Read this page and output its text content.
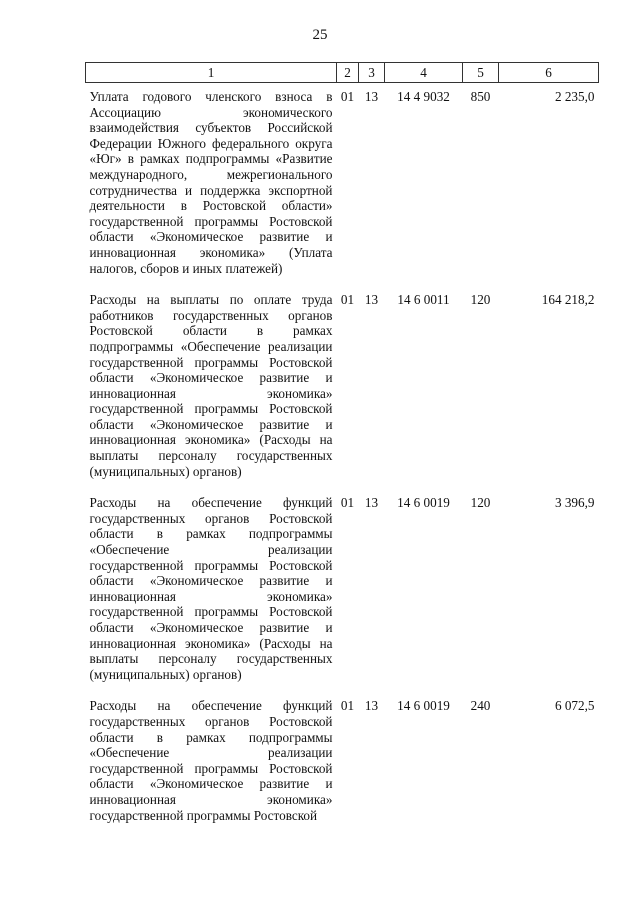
25
1	2	3	4	5	6
Уплата годового членского взноса в Ассоциацию экономического взаимодействия субъектов Российской Федерации Южного федерального округа «Юг» в рамках подпрограммы «Развитие международного, межрегионального сотрудничества и поддержка экспортной деятельности в Ростовской области» государственной программы Ростовской области «Экономическое развитие и инновационная экономика» (Уплата налогов, сборов и иных платежей)	01	13	14 4 9032	850	2 235,0
Расходы на выплаты по оплате труда работников государственных органов Ростовской области в рамках подпрограммы «Обеспечение реализации государственной программы Ростовской области «Экономическое развитие и инновационная экономика» государственной программы Ростовской области «Экономическое развитие и инновационная экономика» (Расходы на выплаты персоналу государственных (муниципальных) органов)	01	13	14 6 0011	120	164 218,2
Расходы на обеспечение функций государственных органов Ростовской области в рамках подпрограммы «Обеспечение реализации государственной программы Ростовской области «Экономическое развитие и инновационная экономика» государственной программы Ростовской области «Экономическое развитие и инновационная экономика» (Расходы на выплаты персоналу государственных (муниципальных) органов)	01	13	14 6 0019	120	3 396,9
Расходы на обеспечение функций государственных органов Ростовской области в рамках подпрограммы «Обеспечение реализации государственной программы Ростовской области «Экономическое развитие и инновационная экономика» государственной программы Ростовской	01	13	14 6 0019	240	6 072,5
